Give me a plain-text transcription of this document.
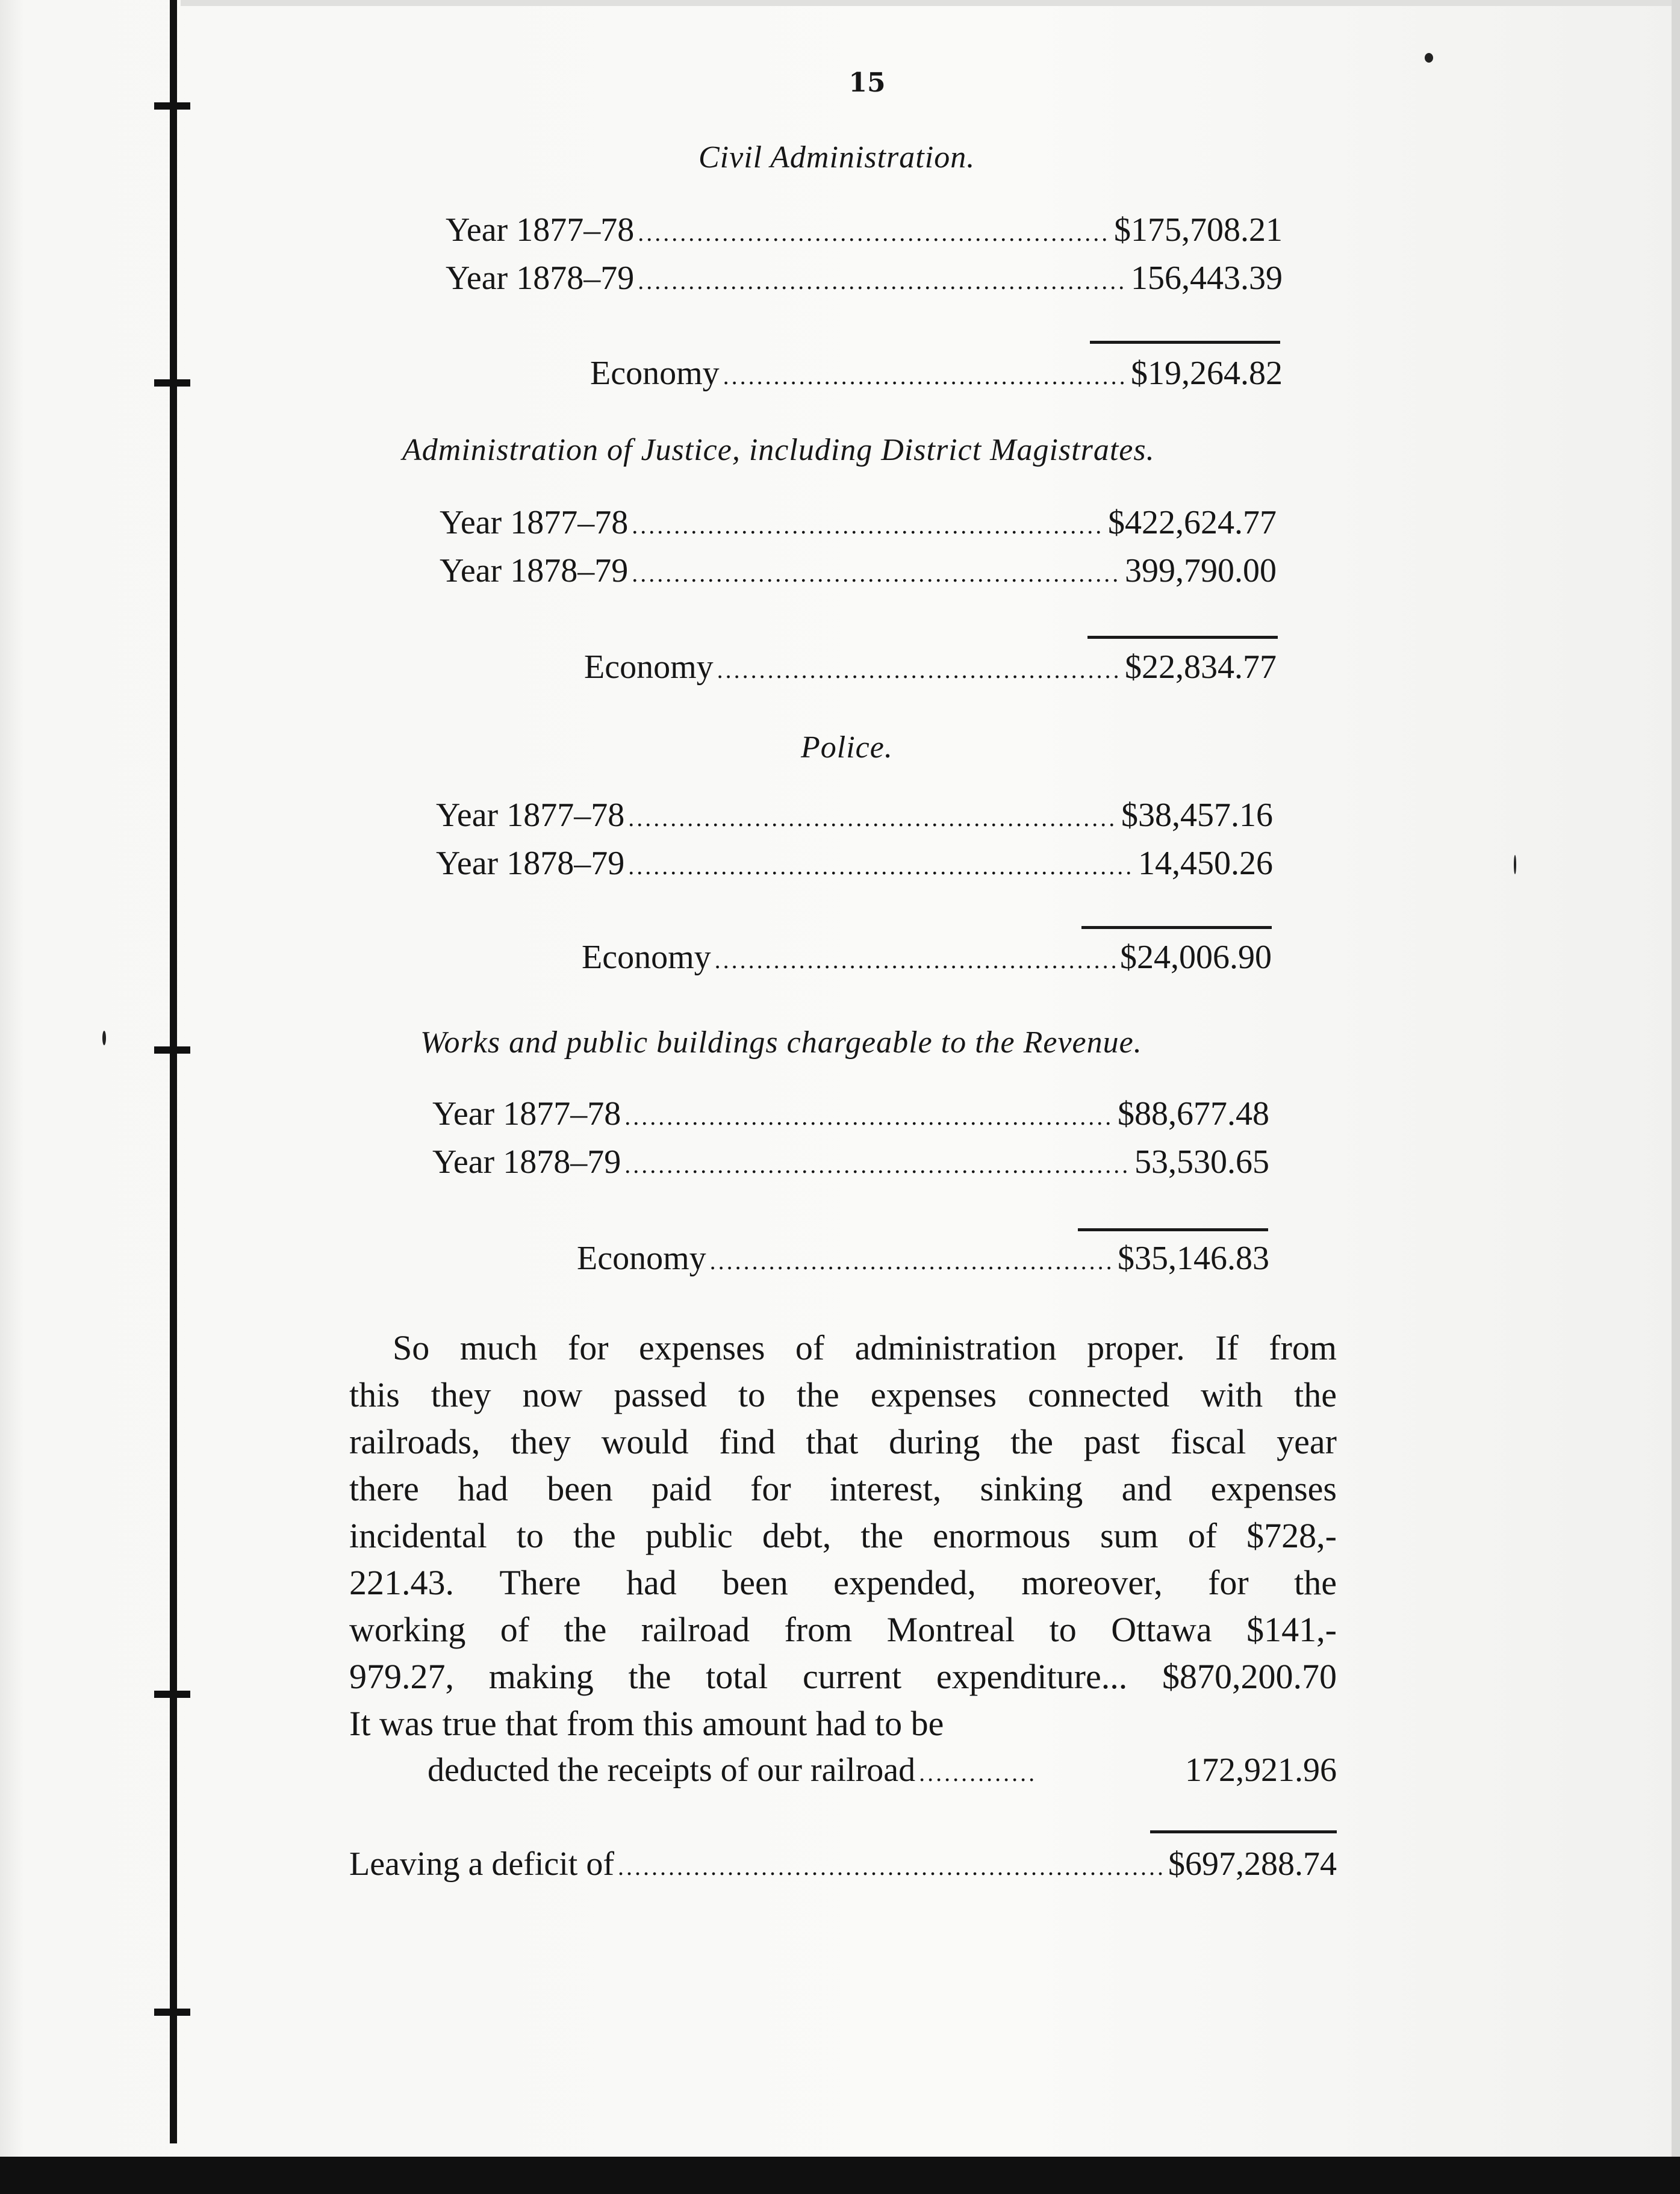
15
Civil Administration.
Year 1877–78 .....	$175,708.21
Year 1878–79 .....	156,443.39
Economy .....	$19,264.82
Administration of Justice, including District Magistrates.
Year 1877–78 .....	$422,624.77
Year 1878–79 .....	399,790.00
Economy .....	$22,834.77
Police.
Year 1877–78 .....	$38,457.16
Year 1878–79 .....	14,450.26
Economy .....	$24,006.90
Works and public buildings chargeable to the Revenue.
Year 1877–78 .....	$88,677.48
Year 1878–79 .....	53,530.65
Economy .....	$35,146.83
So much for expenses of administration proper. If from
this they now passed to the expenses connected with the
railroads, they would find that during the past fiscal year
there had been paid for interest, sinking and expenses
incidental to the public debt, the enormous sum of $728,-
221.43. There had been expended, moreover, for the
working of the railroad from Montreal to Ottawa $141,-
979.27, making the total current expenditure... $870,200.70
It was true that from this amount had to be
deducted the receipts of our railroad .....	172,921.96
Leaving a deficit of .....	$697,288.74
